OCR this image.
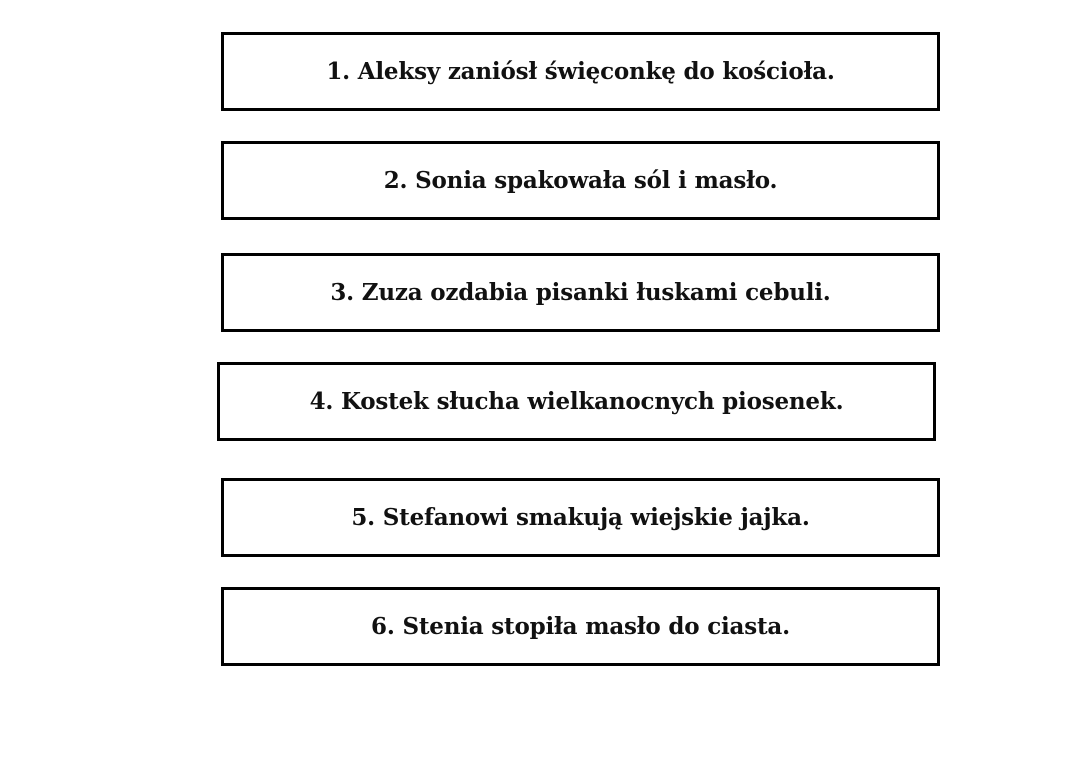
1. Aleksy zaniósł święconkę do kościoła.
2. Sonia spakowała sól i masło.
3. Zuza ozdabia pisanki łuskami cebuli.
4. Kostek słucha wielkanocnych piosenek.
5. Stefanowi smakują wiejskie jajka.
6. Stenia stopiła masło do ciasta.
